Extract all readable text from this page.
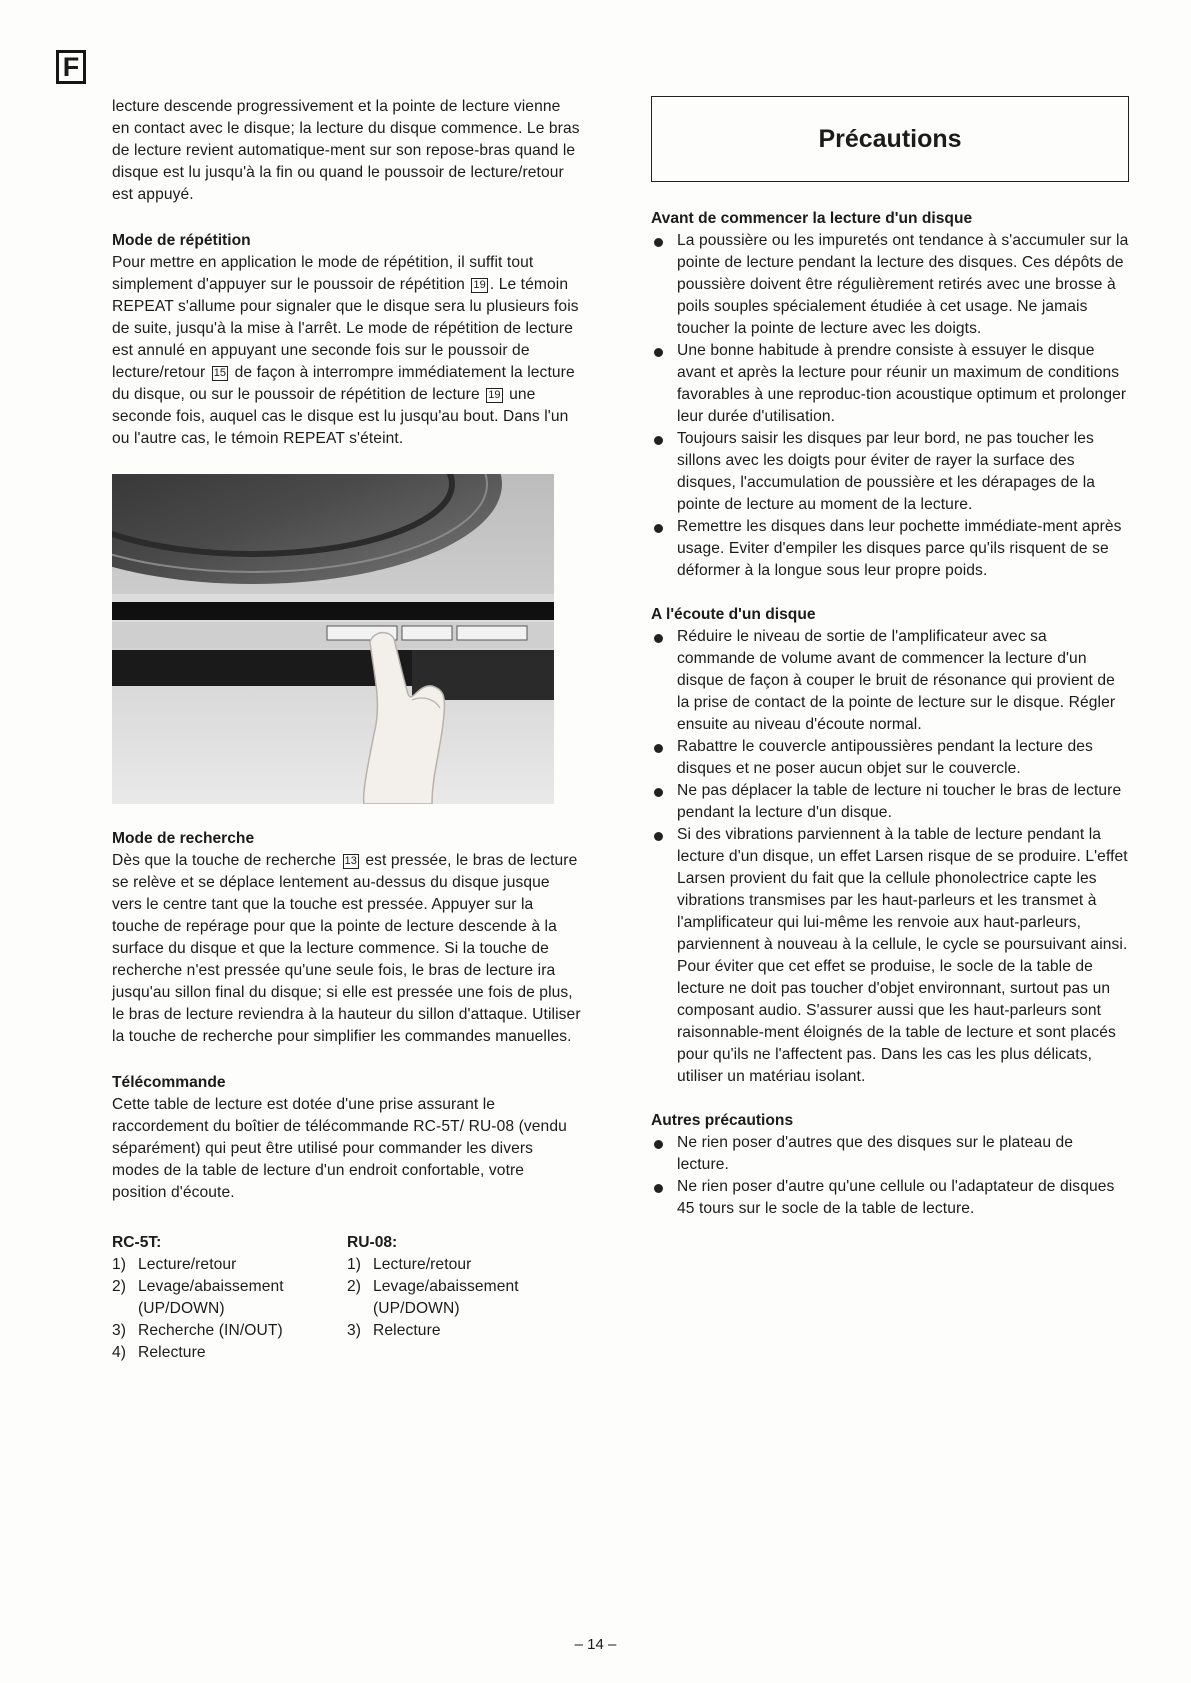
F

lecture descende progressivement et la pointe de lecture vienne en contact avec le disque; la lecture du disque commence. Le bras de lecture revient automatique-ment sur son repose-bras quand le disque est lu jusqu'à la fin ou quand le poussoir de lecture/retour est appuyé.

Mode de répétition

Pour mettre en application le mode de répétition, il suffit tout simplement d'appuyer sur le poussoir de répétition 19 . Le témoin REPEAT s'allume pour signaler que le disque sera lu plusieurs fois de suite, jusqu'à la mise à l'arrêt. Le mode de répétition de lecture est annulé en appuyant une seconde fois sur le poussoir de lecture/retour 15 de façon à interrompre immédiatement la lecture du disque, ou sur le poussoir de répétition de lecture 19 une seconde fois, auquel cas le disque est lu jusqu'au bout. Dans l'un ou l'autre cas, le témoin REPEAT s'éteint.

Mode de recherche

Dès que la touche de recherche 13 est pressée, le bras de lecture se relève et se déplace lentement au-dessus du disque jusque vers le centre tant que la touche est pressée. Appuyer sur la touche de repérage pour que la pointe de lecture descende à la surface du disque et que la lecture commence. Si la touche de recherche n'est pressée qu'une seule fois, le bras de lecture ira jusqu'au sillon final du disque; si elle est pressée une fois de plus, le bras de lecture reviendra à la hauteur du sillon d'attaque. Utiliser la touche de recherche pour simplifier les commandes manuelles.

Télécommande

Cette table de lecture est dotée d'une prise assurant le raccordement du boîtier de télécommande RC-5T/ RU-08 (vendu séparément) qui peut être utilisé pour commander les divers modes de la table de lecture d'un endroit confortable, votre position d'écoute.

RC-5T:
1) Lecture/retour
2) Levage/abaissement (UP/DOWN)
3) Recherche (IN/OUT)
4) Relecture
RU-08:
1) Lecture/retour
2) Levage/abaissement (UP/DOWN)
3) Relecture
Précautions
Avant de commencer la lecture d'un disque
La poussière ou les impuretés ont tendance à s'accumuler sur la pointe de lecture pendant la lecture des disques. Ces dépôts de poussière doivent être régulièrement retirés avec une brosse à poils souples spécialement étudiée à cet usage. Ne jamais toucher la pointe de lecture avec les doigts.
Une bonne habitude à prendre consiste à essuyer le disque avant et après la lecture pour réunir un maximum de conditions favorables à une reproduc-tion acoustique optimum et prolonger leur durée d'utilisation.
Toujours saisir les disques par leur bord, ne pas toucher les sillons avec les doigts pour éviter de rayer la surface des disques, l'accumulation de poussière et les dérapages de la pointe de lecture au moment de la lecture.
Remettre les disques dans leur pochette immédiate-ment après usage. Eviter d'empiler les disques parce qu'ils risquent de se déformer à la longue sous leur propre poids.
A l'écoute d'un disque
Réduire le niveau de sortie de l'amplificateur avec sa commande de volume avant de commencer la lecture d'un disque de façon à couper le bruit de résonance qui provient de la prise de contact de la pointe de lecture sur le disque. Régler ensuite au niveau d'écoute normal.
Rabattre le couvercle antipoussières pendant la lecture des disques et ne poser aucun objet sur le couvercle.
Ne pas déplacer la table de lecture ni toucher le bras de lecture pendant la lecture d'un disque.
Si des vibrations parviennent à la table de lecture pendant la lecture d'un disque, un effet Larsen risque de se produire. L'effet Larsen provient du fait que la cellule phonolectrice capte les vibrations transmises par les haut-parleurs et les transmet à l'amplificateur qui lui-même les renvoie aux haut-parleurs, parviennent à nouveau à la cellule, le cycle se poursuivant ainsi. Pour éviter que cet effet se produise, le socle de la table de lecture ne doit pas toucher d'objet environnant, surtout pas un composant audio. S'assurer aussi que les haut-parleurs sont raisonnable-ment éloignés de la table de lecture et sont placés pour qu'ils ne l'affectent pas. Dans les cas les plus délicats, utiliser un matériau isolant.
Autres précautions
Ne rien poser d'autres que des disques sur le plateau de lecture.
Ne rien poser d'autre qu'une cellule ou l'adaptateur de disques 45 tours sur le socle de la table de lecture.
– 14 –
